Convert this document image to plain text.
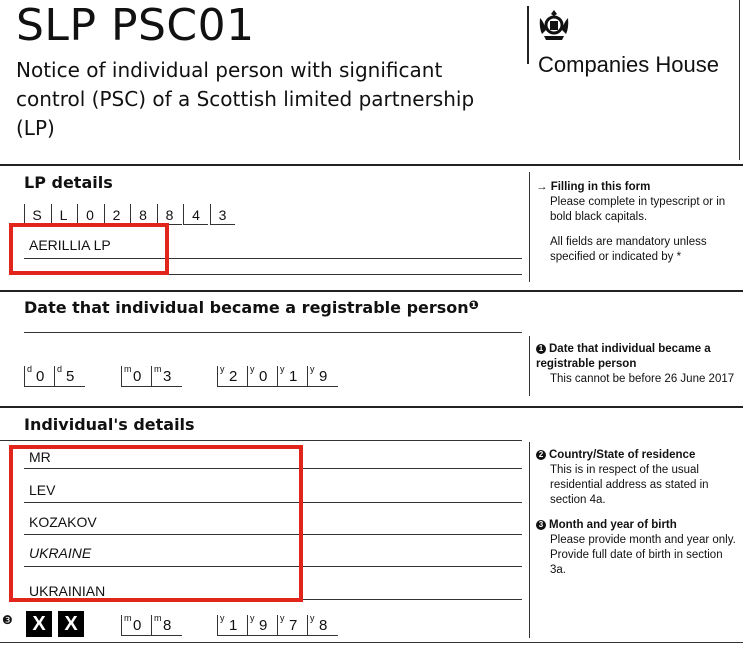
SLP PSC01
Notice of individual person with significant control (PSC) of a Scottish limited partnership (LP)
Companies House
LP details
S	L	0	2	8	8	4	3
AERILLIA LP
→ Filling in this form
Please complete in typescript or in bold black capitals.
All fields are mandatory unless specified or indicated by *
Date that individual became a registrable person$^❶$
d 0 d 5	m 0 m 3	y 2 y 0 y 1 y 9
1 Date that individual became a registrable person
This cannot be before 26 June 2017
Individual's details
MR
LEV
KOZAKOV
UKRAINE
UKRAINIAN
❸ X X	m 0 m 8	y 1 y 9 y 7 y 8
2 Country/State of residence
This is in respect of the usual residential address as stated in section 4a.
3 Month and year of birth
Please provide month and year only. Provide full date of birth in section 3a.
